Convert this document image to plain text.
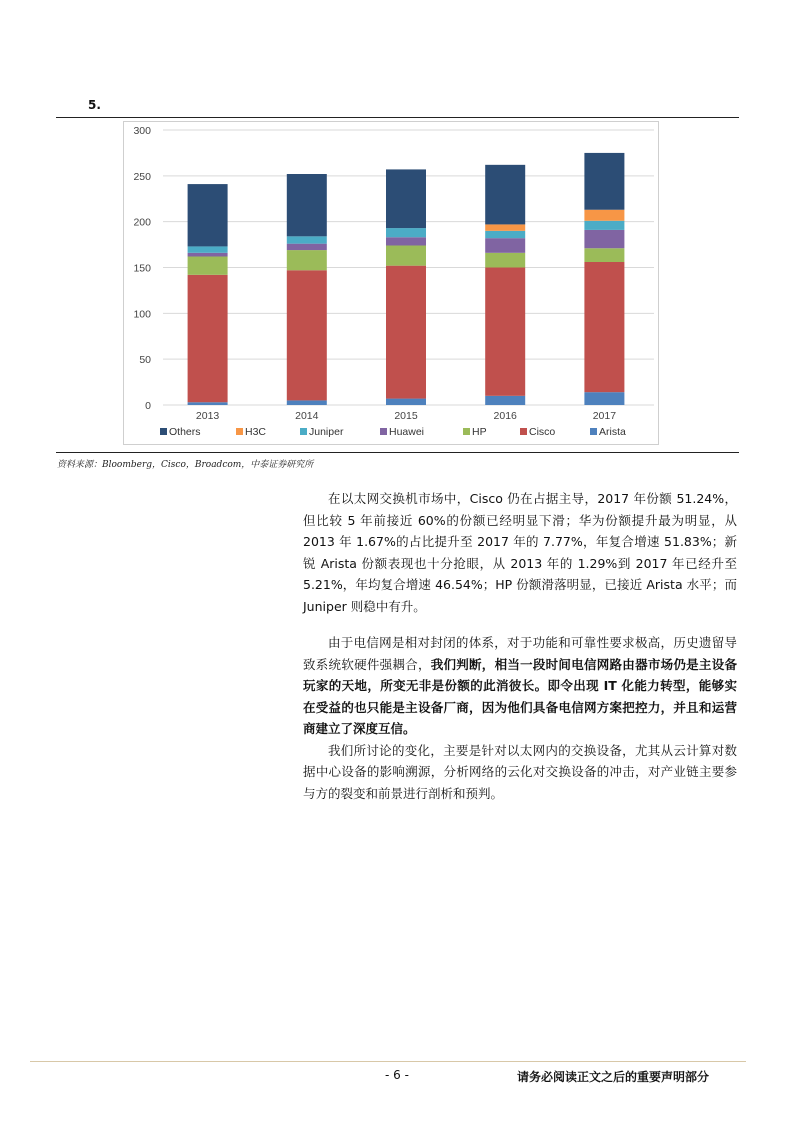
5.
0
50
100
150
200
250
300
2013	2014	2015	2016	2017
Others	H3C	Juniper	Huawei	HP	Cisco	Arista
资料来源：Bloomberg，Cisco，Broadcom，中泰证券研究所

在以太网交换机市场中，Cisco 仍在占据主导，2017 年份额 51.24%，但比较 5 年前接近 60%的份额已经明显下滑；华为份额提升最为明显，从 2013 年 1.67%的占比提升至 2017 年的 7.77%，年复合增速 51.83%；新锐 Arista 份额表现也十分抢眼，从 2013 年的 1.29%到 2017 年已经升至 5.21%，年均复合增速 46.54%；HP 份额滑落明显，已接近 Arista 水平；而 Juniper 则稳中有升。

由于电信网是相对封闭的体系，对于功能和可靠性要求极高，历史遗留导致系统软硬件强耦合，我们判断，相当一段时间电信网路由器市场仍是主设备玩家的天地，所变无非是份额的此消彼长。即令出现 IT 化能力转型，能够实在受益的也只能是主设备厂商，因为他们具备电信网方案把控力，并且和运营商建立了深度互信。

我们所讨论的变化，主要是针对以太网内的交换设备，尤其从云计算对数据中心设备的影响溯源，分析网络的云化对交换设备的冲击，对产业链主要参与方的裂变和前景进行剖析和预判。

- 6 -	请务必阅读正文之后的重要声明部分
